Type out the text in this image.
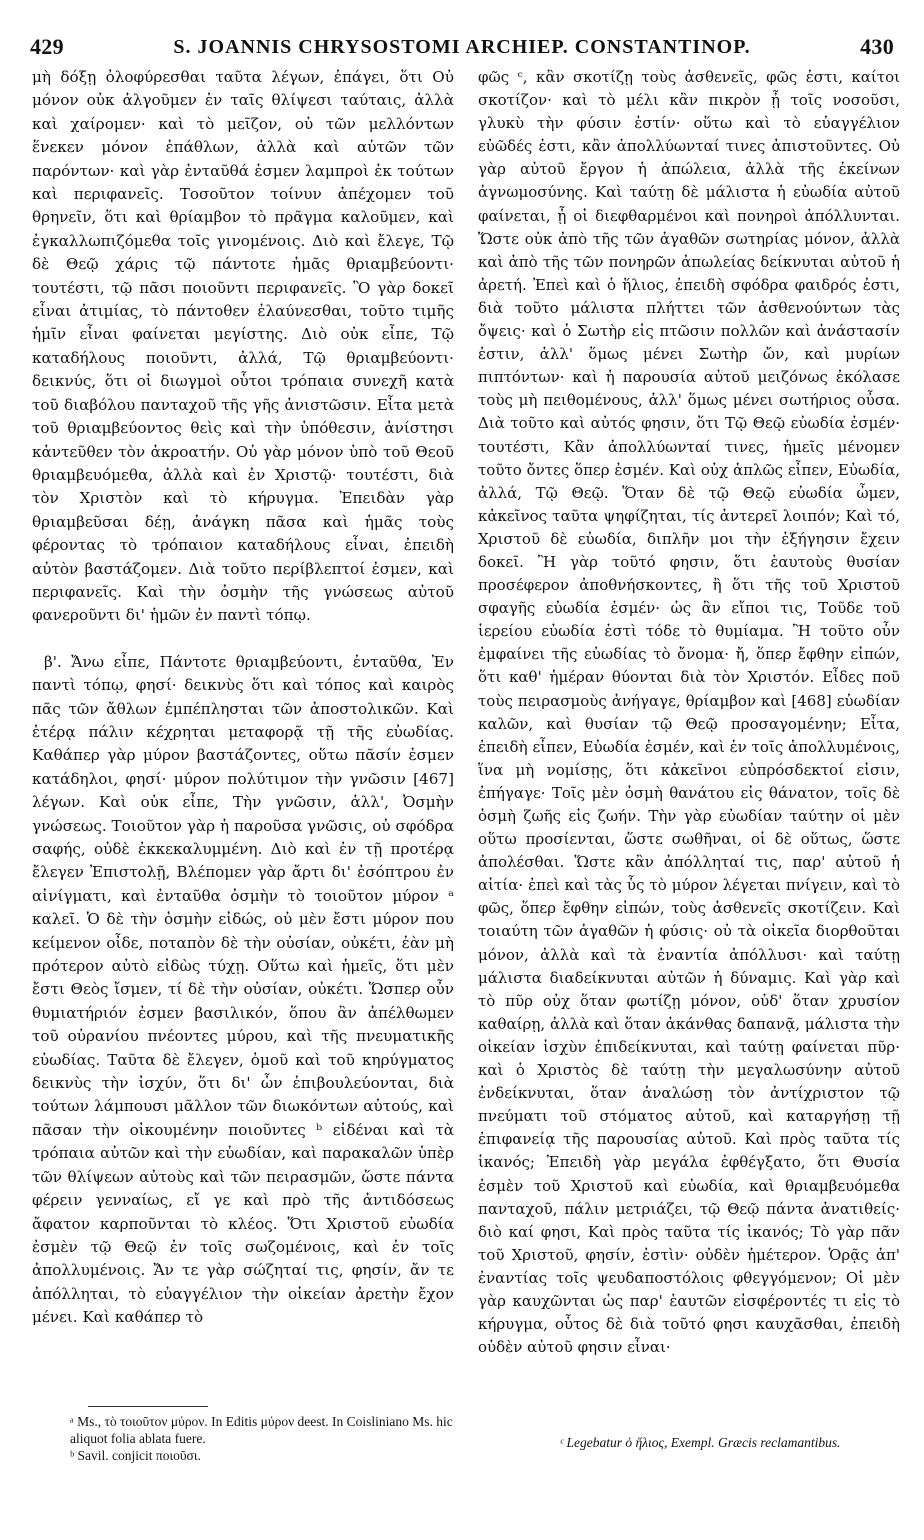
429	S. JOANNIS CHRYSOSTOMI ARCHIEP. CONSTANTINOP.	430

μὴ δόξῃ ὀλοφύρεσθαι ταῦτα λέγων, ἐπάγει, ὅτι Οὐ μόνον οὐκ ἀλγοῦμεν ἐν ταῖς θλίψεσι ταύταις, ἀλλὰ καὶ χαίρομεν· καὶ τὸ μεῖζον, οὐ τῶν μελλόντων ἕνεκεν μόνον ἐπάθλων, ἀλλὰ καὶ αὐτῶν τῶν παρόντων· καὶ γὰρ ἐνταῦθά ἐσμεν λαμπροὶ ἐκ τούτων καὶ περιφανεῖς. Τοσοῦτον τοίνυν ἀπέχομεν τοῦ θρηνεῖν, ὅτι καὶ θρίαμβον τὸ πρᾶγμα καλοῦμεν, καὶ ἐγκαλλωπιζόμεθα τοῖς γινομένοις. Διὸ καὶ ἔλεγε, Τῷ δὲ Θεῷ χάρις τῷ πάντοτε ἡμᾶς θριαμβεύοντι· τουτέστι, τῷ πᾶσι ποιοῦντι περιφανεῖς. Ὃ γὰρ δοκεῖ εἶναι ἀτιμίας, τὸ πάντοθεν ἐλαύνεσθαι, τοῦτο τιμῆς ἡμῖν εἶναι φαίνεται μεγίστης. Διὸ οὐκ εἶπε, Τῷ καταδήλους ποιοῦντι, ἀλλά, Τῷ θριαμβεύοντι· δεικνύς, ὅτι οἱ διωγμοὶ οὗτοι τρόπαια συνεχῆ κατὰ τοῦ διαβόλου πανταχοῦ τῆς γῆς ἀνιστῶσιν. Εἶτα μετὰ τοῦ θριαμβεύοντος θεὶς καὶ τὴν ὑπόθεσιν, ἀνίστησι κἀντεῦθεν τὸν ἀκροατήν. Οὐ γὰρ μόνον ὑπὸ τοῦ Θεοῦ θριαμβευόμεθα, ἀλλὰ καὶ ἐν Χριστῷ· τουτέστι, διὰ τὸν Χριστὸν καὶ τὸ κήρυγμα. Ἐπειδὰν γὰρ θριαμβεῦσαι δέῃ, ἀνάγκη πᾶσα καὶ ἡμᾶς τοὺς φέροντας τὸ τρόπαιον καταδήλους εἶναι, ἐπειδὴ αὐτὸν βαστάζομεν. Διὰ τοῦτο περίβλεπτοί ἐσμεν, καὶ περιφανεῖς. Καὶ τὴν ὀσμὴν τῆς γνώσεως αὐτοῦ φανεροῦντι δι' ἡμῶν ἐν παντὶ τόπῳ.

β'. Ἄνω εἶπε, Πάντοτε θριαμβεύοντι, ἐνταῦθα, Ἐν παντὶ τόπῳ, φησί· δεικνὺς ὅτι καὶ τόπος καὶ καιρὸς πᾶς τῶν ἄθλων ἐμπέπλησται τῶν ἀποστολικῶν. Καὶ ἑτέρᾳ πάλιν κέχρηται μεταφορᾷ τῇ τῆς εὐωδίας. Καθάπερ γὰρ μύρον βαστάζοντες, οὕτω πᾶσίν ἐσμεν κατάδηλοι, φησί· μύρον πολύτιμον τὴν γνῶσιν [467] λέγων. Καὶ οὐκ εἶπε, Τὴν γνῶσιν, ἀλλ', Ὀσμὴν γνώσεως. Τοιοῦτον γὰρ ἡ παροῦσα γνῶσις, οὐ σφόδρα σαφής, οὐδὲ ἐκκεκαλυμμένη. Διὸ καὶ ἐν τῇ προτέρᾳ ἔλεγεν Ἐπιστολῇ, Βλέπομεν γὰρ ἄρτι δι' ἐσόπτρου ἐν αἰνίγματι, καὶ ἐνταῦθα ὀσμὴν τὸ τοιοῦτον μύρον ᵃ καλεῖ. Ὁ δὲ τὴν ὀσμὴν εἰδώς, οὐ μὲν ἔστι μύρον που κείμενον οἶδε, ποταπὸν δὲ τὴν οὐσίαν, οὐκέτι, ἐὰν μὴ πρότερον αὐτὸ εἰδὼς τύχῃ. Οὕτω καὶ ἡμεῖς, ὅτι μὲν ἔστι Θεὸς ἴσμεν, τί δὲ τὴν οὐσίαν, οὐκέτι. Ὥσπερ οὖν θυμιατήριόν ἐσμεν βασιλικόν, ὅπου ἂν ἀπέλθωμεν τοῦ οὐρανίου πνέοντες μύρου, καὶ τῆς πνευματικῆς εὐωδίας. Ταῦτα δὲ ἔλεγεν, ὁμοῦ καὶ τοῦ κηρύγματος δεικνὺς τὴν ἰσχύν, ὅτι δι' ὧν ἐπιβουλεύονται, διὰ τούτων λάμπουσι μᾶλλον τῶν διωκόντων αὐτούς, καὶ πᾶσαν τὴν οἰκουμένην ποιοῦντες ᵇ εἰδέναι καὶ τὰ τρόπαια αὐτῶν καὶ τὴν εὐωδίαν, καὶ παρακαλῶν ὑπὲρ τῶν θλίψεων αὐτοὺς καὶ τῶν πειρασμῶν, ὥστε πάντα φέρειν γενναίως, εἴ γε καὶ πρὸ τῆς ἀντιδόσεως ἄφατον καρποῦνται τὸ κλέος. Ὅτι Χριστοῦ εὐωδία ἐσμὲν τῷ Θεῷ ἐν τοῖς σωζομένοις, καὶ ἐν τοῖς ἀπολλυμένοις. Ἄν τε γὰρ σώζηταί τις, φησίν, ἄν τε ἀπόλληται, τὸ εὐαγγέλιον τὴν οἰκείαν ἀρετὴν ἔχον μένει. Καὶ καθάπερ τὸ

φῶς ᶜ, κἂν σκοτίζῃ τοὺς ἀσθενεῖς, φῶς ἐστι, καίτοι σκοτίζον· καὶ τὸ μέλι κἂν πικρὸν ᾖ τοῖς νοσοῦσι, γλυκὺ τὴν φύσιν ἐστίν· οὕτω καὶ τὸ εὐαγγέλιον εὐῶδές ἐστι, κἂν ἀπολλύωνταί τινες ἀπιστοῦντες. Οὐ γὰρ αὐτοῦ ἔργον ἡ ἀπώλεια, ἀλλὰ τῆς ἐκείνων ἀγνωμοσύνης. Καὶ ταύτῃ δὲ μάλιστα ἡ εὐωδία αὐτοῦ φαίνεται, ᾗ οἱ διεφθαρμένοι καὶ πονηροὶ ἀπόλλυνται. Ὥστε οὐκ ἀπὸ τῆς τῶν ἀγαθῶν σωτηρίας μόνον, ἀλλὰ καὶ ἀπὸ τῆς τῶν πονηρῶν ἀπωλείας δείκνυται αὐτοῦ ἡ ἀρετή. Ἐπεὶ καὶ ὁ ἥλιος, ἐπειδὴ σφόδρα φαιδρός ἐστι, διὰ τοῦτο μάλιστα πλήττει τῶν ἀσθενούντων τὰς ὄψεις· καὶ ὁ Σωτὴρ εἰς πτῶσιν πολλῶν καὶ ἀνάστασίν ἐστιν, ἀλλ' ὅμως μένει Σωτὴρ ὤν, καὶ μυρίων πιπτόντων· καὶ ἡ παρουσία αὐτοῦ μειζόνως ἐκόλασε τοὺς μὴ πειθομένους, ἀλλ' ὅμως μένει σωτήριος οὖσα. Διὰ τοῦτο καὶ αὐτός φησιν, ὅτι Τῷ Θεῷ εὐωδία ἐσμέν· τουτέστι, Κἂν ἀπολλύωνταί τινες, ἡμεῖς μένομεν τοῦτο ὄντες ὅπερ ἐσμέν. Καὶ οὐχ ἁπλῶς εἶπεν, Εὐωδία, ἀλλά, Τῷ Θεῷ. Ὅταν δὲ τῷ Θεῷ εὐωδία ὦμεν, κἀκεῖνος ταῦτα ψηφίζηται, τίς ἀντερεῖ λοιπόν; Καὶ τό, Χριστοῦ δὲ εὐωδία, διπλῆν μοι τὴν ἐξήγησιν ἔχειν δοκεῖ. Ἢ γὰρ τοῦτό φησιν, ὅτι ἑαυτοὺς θυσίαν προσέφερον ἀποθνήσκοντες, ἢ ὅτι τῆς τοῦ Χριστοῦ σφαγῆς εὐωδία ἐσμέν· ὡς ἂν εἴποι τις, Τοῦδε τοῦ ἱερείου εὐωδία ἐστὶ τόδε τὸ θυμίαμα. Ἢ τοῦτο οὖν ἐμφαίνει τῆς εὐωδίας τὸ ὄνομα· ἤ, ὅπερ ἔφθην εἰπών, ὅτι καθ' ἡμέραν θύονται διὰ τὸν Χριστόν. Εἶδες ποῦ τοὺς πειρασμοὺς ἀνήγαγε, θρίαμβον καὶ [468] εὐωδίαν καλῶν, καὶ θυσίαν τῷ Θεῷ προσαγομένην; Εἶτα, ἐπειδὴ εἶπεν, Εὐωδία ἐσμέν, καὶ ἐν τοῖς ἀπολλυμένοις, ἵνα μὴ νομίσῃς, ὅτι κἀκεῖνοι εὐπρόσδεκτοί εἰσιν, ἐπήγαγε· Τοῖς μὲν ὀσμὴ θανάτου εἰς θάνατον, τοῖς δὲ ὀσμὴ ζωῆς εἰς ζωήν. Τὴν γὰρ εὐωδίαν ταύτην οἱ μὲν οὕτω προσίενται, ὥστε σωθῆναι, οἱ δὲ οὕτως, ὥστε ἀπολέσθαι. Ὥστε κἂν ἀπόλληταί τις, παρ' αὐτοῦ ἡ αἰτία· ἐπεὶ καὶ τὰς ὗς τὸ μύρον λέγεται πνίγειν, καὶ τὸ φῶς, ὅπερ ἔφθην εἰπών, τοὺς ἀσθενεῖς σκοτίζειν. Καὶ τοιαύτη τῶν ἀγαθῶν ἡ φύσις· οὐ τὰ οἰκεῖα διορθοῦται μόνον, ἀλλὰ καὶ τὰ ἐναντία ἀπόλλυσι· καὶ ταύτῃ μάλιστα διαδείκνυται αὐτῶν ἡ δύναμις. Καὶ γὰρ καὶ τὸ πῦρ οὐχ ὅταν φωτίζῃ μόνον, οὐδ' ὅταν χρυσίον καθαίρῃ, ἀλλὰ καὶ ὅταν ἀκάνθας δαπανᾷ, μάλιστα τὴν οἰκείαν ἰσχὺν ἐπιδείκνυται, καὶ ταύτῃ φαίνεται πῦρ· καὶ ὁ Χριστὸς δὲ ταύτῃ τὴν μεγαλωσύνην αὐτοῦ ἐνδείκνυται, ὅταν ἀναλώσῃ τὸν ἀντίχριστον τῷ πνεύματι τοῦ στόματος αὐτοῦ, καὶ καταργήσῃ τῇ ἐπιφανείᾳ τῆς παρουσίας αὐτοῦ. Καὶ πρὸς ταῦτα τίς ἱκανός; Ἐπειδὴ γὰρ μεγάλα ἐφθέγξατο, ὅτι Θυσία ἐσμὲν τοῦ Χριστοῦ καὶ εὐωδία, καὶ θριαμβευόμεθα πανταχοῦ, πάλιν μετριάζει, τῷ Θεῷ πάντα ἀνατιθείς· διὸ καί φησι, Καὶ πρὸς ταῦτα τίς ἱκανός; Τὸ γὰρ πᾶν τοῦ Χριστοῦ, φησίν, ἐστὶν· οὐδὲν ἡμέτερον. Ὁρᾷς ἀπ' ἐναντίας τοῖς ψευδαποστόλοις φθεγγόμενον; Οἱ μὲν γὰρ καυχῶνται ὡς παρ' ἑαυτῶν εἰσφέροντές τι εἰς τὸ κήρυγμα, οὗτος δὲ διὰ τοῦτό φησι καυχᾶσθαι, ἐπειδὴ οὐδὲν αὐτοῦ φησιν εἶναι·

ᵃ Ms., τὸ τοιοῦτον μύρον. In Editis μύρον deest. In Coisliniano Ms. hic aliquot folia ablata fuere.
ᵇ Savil. conjicit ποιοῦσι.
ᶜ Legebatur ὁ ἥλιος, Exempl. Græcis reclamantibus.
